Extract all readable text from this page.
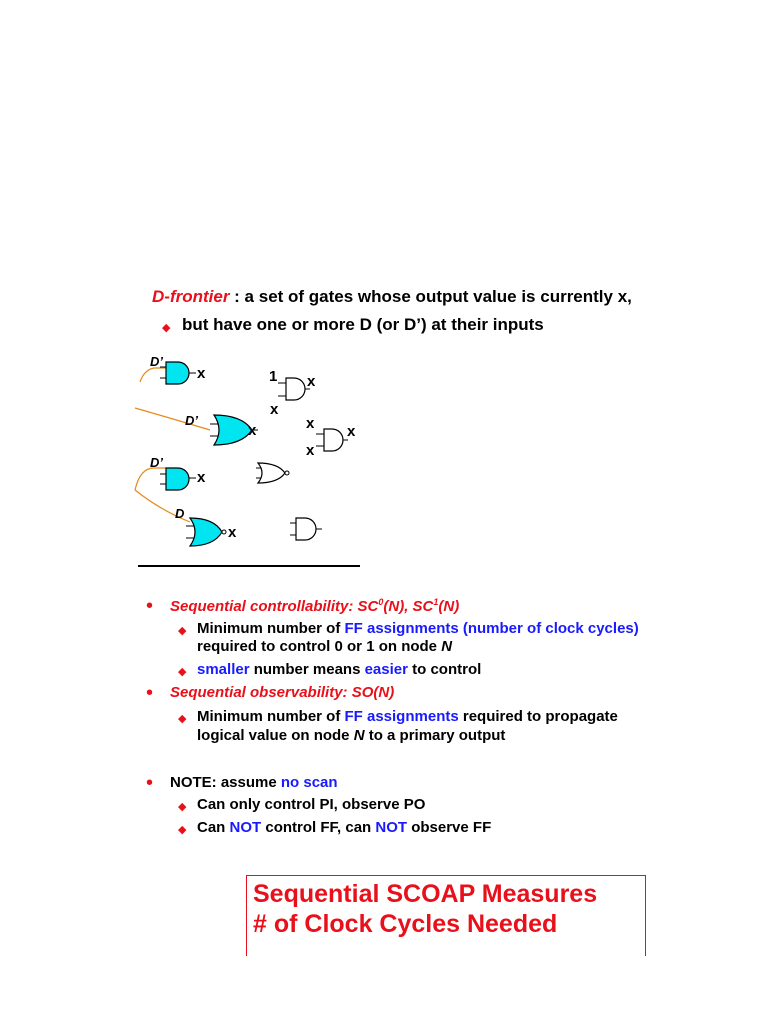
D-frontier : a set of gates whose output value is currently x,
◆ but have one or more D (or D’) at their inputs
D’
x	1 x
x
D’
x	x
x
x
D’
x
D
x
• Sequential controllability: $SC^0(N)$, $SC^1(N)$
◆ Minimum number of FF assignments (number of clock cycles)
required to control 0 or 1 on node N
◆ smaller number means easier to control
• Sequential observability: SO(N)
◆ Minimum number of FF assignments required to propagate
logical value on node N to a primary output
• NOTE: assume no scan
◆ Can only control PI, observe PO
◆ Can NOT control FF, can NOT observe FF
Sequential SCOAP Measures
# of Clock Cycles Needed
